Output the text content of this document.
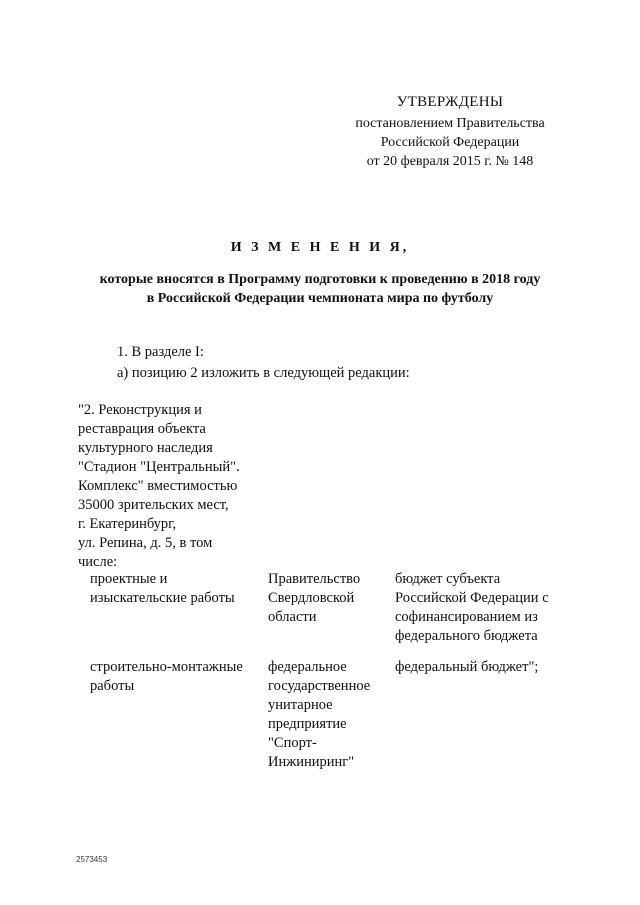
УТВЕРЖДЕНЫ
постановлением Правительства
Российской Федерации
от 20 февраля 2015 г. № 148
И З М Е Н Е Н И Я,
которые вносятся в Программу подготовки к проведению в 2018 году
в Российской Федерации чемпионата мира по футболу
1. В разделе I:
а) позицию 2 изложить в следующей редакции:
"2. Реконструкция и
реставрация объекта
культурного наследия
"Стадион "Центральный".
Комплекс" вместимостью
35000 зрительских мест,
г. Екатеринбург,
ул. Репина, д. 5, в том
числе:
проектные и
изыскательские работы
Правительство
Свердловской
области
бюджет субъекта
Российской Федерации с
софинансированием из
федерального бюджета
строительно-монтажные
работы
федеральное
государственное
унитарное
предприятие
"Спорт-
Инжиниринг"
федеральный бюджет";
2573453
